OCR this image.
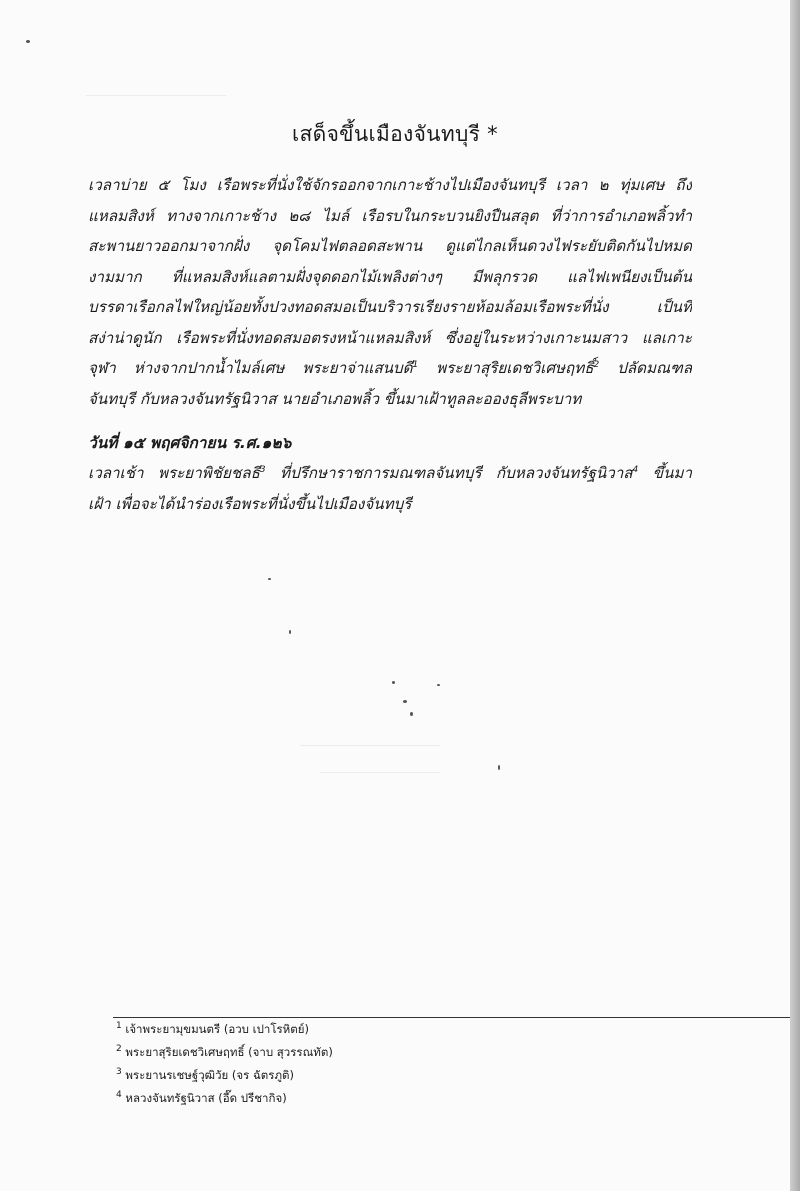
เสด็จขึ้นเมืองจันทบุรี *
เวลาบ่าย ๕ โมง เรือพระที่นั่งใช้จักรออกจากเกาะช้างไปเมืองจันทบุรี เวลา ๒ ทุ่มเศษ ถึง
แหลมสิงห์ ทางจากเกาะช้าง ๒๘ ไมล์ เรือรบในกระบวนยิงปืนสลุต ที่ว่าการอำเภอพลิ้วทำ
สะพานยาวออกมาจากฝั่ง จุดโคมไฟตลอดสะพาน ดูแต่ไกลเห็นดวงไฟระยับติดกันไปหมด
งามมาก ที่แหลมสิงห์แลตามฝั่งจุดดอกไม้เพลิงต่างๆ มีพลุกรวด แลไฟเพนียงเป็นต้น
บรรดาเรือกลไฟใหญ่น้อยทั้งปวงทอดสมอเป็นบริวารเรียงรายห้อมล้อมเรือพระที่นั่ง เป็นที่
สง่าน่าดูนัก เรือพระที่นั่งทอดสมอตรงหน้าแหลมสิงห์ ซึ่งอยู่ในระหว่างเกาะนมสาว แลเกาะ
จุฬา ห่างจากปากน้ำไมล์เศษ พระยาจ่าแสนบดี$^1$ พระยาสุริยเดชวิเศษฤทธิ์$^2$ ปลัดมณฑล
จันทบุรี กับหลวงจันทรัฐนิวาส นายอำเภอพลิ้ว ขึ้นมาเฝ้าทูลละอองธุลีพระบาท
วันที่ ๑๕ พฤศจิกายน ร.ศ.๑๒๖
เวลาเช้า พระยาพิชัยชลธี$^3$ ที่ปรึกษาราชการมณฑลจันทบุรี กับหลวงจันทรัฐนิวาส$^4$ ขึ้นมา
เฝ้า เพื่อจะได้นำร่องเรือพระที่นั่งขึ้นไปเมืองจันทบุรี
$^1$ เจ้าพระยามุขมนตรี (อวบ เปาโรหิตย์)
$^2$ พระยาสุริยเดชวิเศษฤทธิ์ (จาบ สุวรรณทัต)
$^3$ พระยานรเชษฐ์วุฒิวัย (จร ฉัตรภูติ)
$^4$ หลวงจันทรัฐนิวาส (อี๊ด ปรีชากิจ)
